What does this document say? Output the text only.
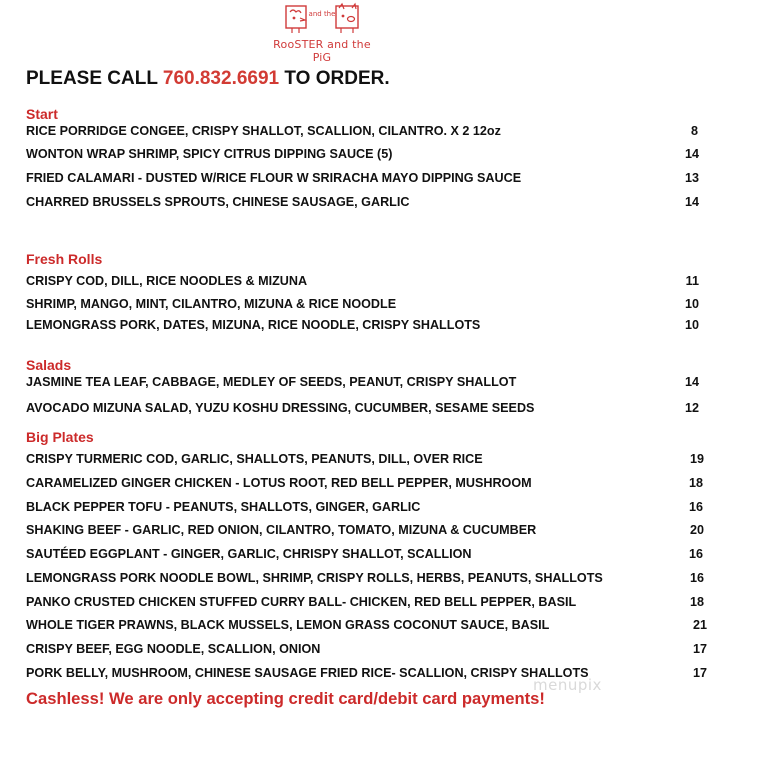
and the
RooSTER and the PiG
PLEASE CALL 760.832.6691 TO ORDER.
Start
RICE PORRIDGE CONGEE, CRISPY SHALLOT, SCALLION, CILANTRO. X 2 12oz	8
WONTON WRAP SHRIMP, SPICY CITRUS DIPPING SAUCE (5)	14
FRIED CALAMARI - DUSTED W/RICE FLOUR W SRIRACHA MAYO DIPPING SAUCE	13
CHARRED BRUSSELS SPROUTS, CHINESE SAUSAGE, GARLIC	14
Fresh Rolls
CRISPY COD, DILL, RICE NOODLES & MIZUNA	11
SHRIMP, MANGO, MINT, CILANTRO, MIZUNA & RICE NOODLE	10
LEMONGRASS PORK, DATES, MIZUNA, RICE NOODLE, CRISPY SHALLOTS	10
Salads
JASMINE TEA LEAF, CABBAGE, MEDLEY OF SEEDS, PEANUT, CRISPY SHALLOT	14
AVOCADO MIZUNA SALAD, YUZU KOSHU DRESSING, CUCUMBER, SESAME SEEDS	12
Big Plates
CRISPY TURMERIC COD, GARLIC, SHALLOTS, PEANUTS, DILL, OVER RICE	19
CARAMELIZED GINGER CHICKEN - LOTUS ROOT, RED BELL PEPPER, MUSHROOM	18
BLACK PEPPER TOFU - PEANUTS, SHALLOTS, GINGER, GARLIC	16
SHAKING BEEF - GARLIC, RED ONION, CILANTRO, TOMATO, MIZUNA & CUCUMBER	20
SAUTÉED EGGPLANT - GINGER, GARLIC, CHRISPY SHALLOT, SCALLION	16
LEMONGRASS PORK NOODLE BOWL, SHRIMP, CRISPY ROLLS, HERBS, PEANUTS, SHALLOTS	16
PANKO CRUSTED CHICKEN STUFFED CURRY BALL- CHICKEN, RED BELL PEPPER, BASIL	18
WHOLE TIGER PRAWNS, BLACK MUSSELS, LEMON GRASS COCONUT SAUCE, BASIL	21
CRISPY BEEF, EGG NOODLE, SCALLION, ONION	17
PORK BELLY, MUSHROOM, CHINESE SAUSAGE FRIED RICE- SCALLION, CRISPY SHALLOTS	17
menupix
Cashless! We are only accepting credit card/debit card payments!
